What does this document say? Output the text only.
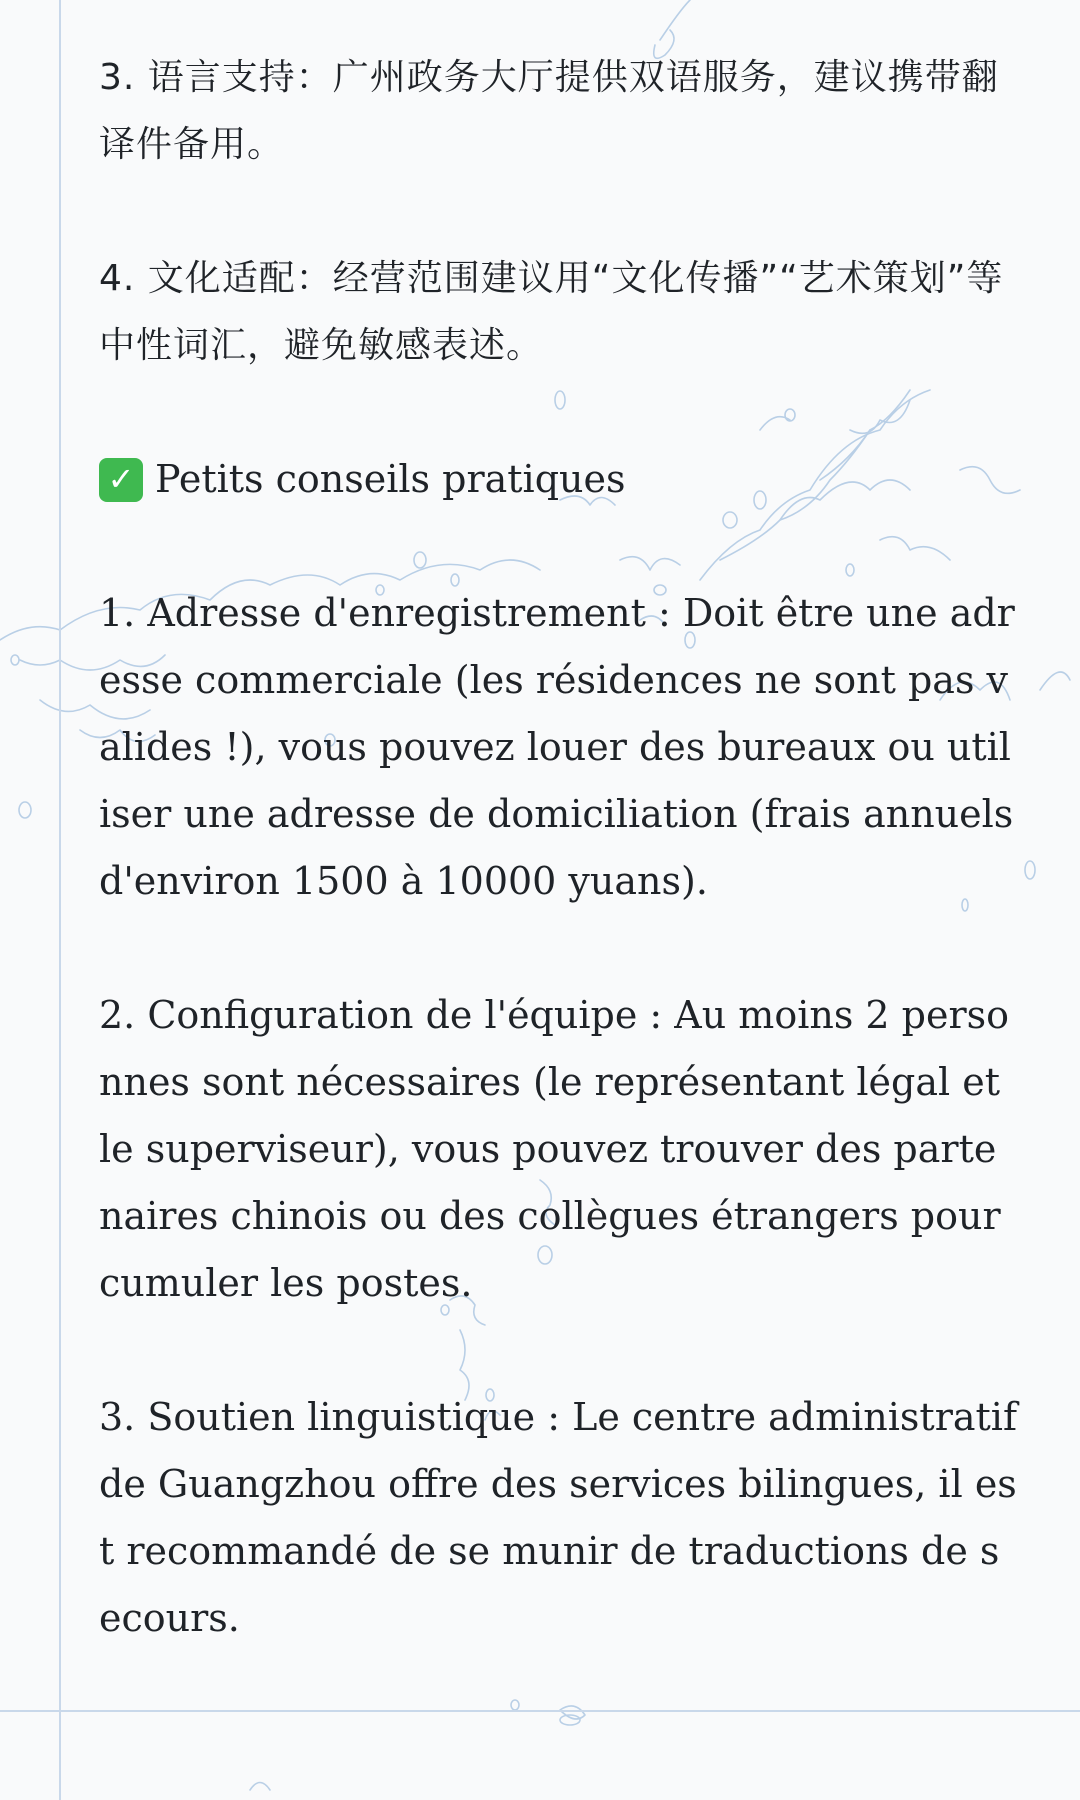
3. 语言支持：广州政务大厅提供双语服务，建议携带翻译件备用。

4. 文化适配：经营范围建议用“文化传播”“艺术策划”等中性词汇，避免敏感表述。

✓ Petits conseils pratiques

1. Adresse d'enregistrement : Doit être une adresse commerciale (les résidences ne sont pas valides !), vous pouvez louer des bureaux ou utiliser une adresse de domiciliation (frais annuels d'environ 1500 à 10000 yuans).

2. Configuration de l'équipe : Au moins 2 personnes sont nécessaires (le représentant légal et le superviseur), vous pouvez trouver des partenaires chinois ou des collègues étrangers pour cumuler les postes.

3. Soutien linguistique : Le centre administratif de Guangzhou offre des services bilingues, il est recommandé de se munir de traductions de secours.
